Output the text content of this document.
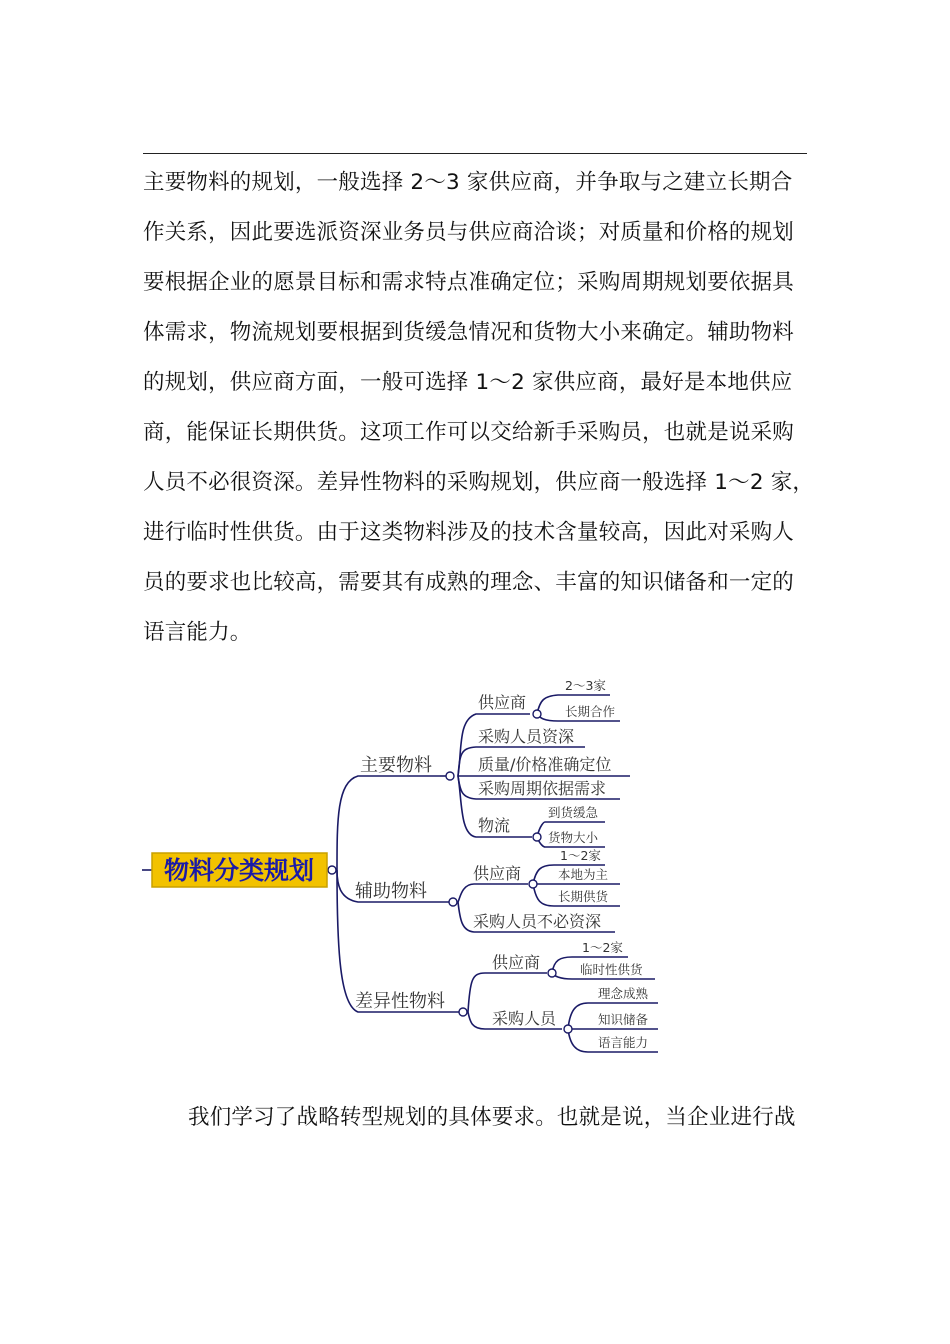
主要物料的规划，一般选择 2～3 家供应商，并争取与之建立长期合
作关系，因此要选派资深业务员与供应商洽谈；对质量和价格的规划
要根据企业的愿景目标和需求特点准确定位；采购周期规划要依据具
体需求，物流规划要根据到货缓急情况和货物大小来确定。辅助物料
的规划，供应商方面，一般可选择 1～2 家供应商，最好是本地供应
商，能保证长期供货。这项工作可以交给新手采购员，也就是说采购
人员不必很资深。差异性物料的采购规划，供应商一般选择 1～2 家，
进行临时性供货。由于这类物料涉及的技术含量较高，因此对采购人
员的要求也比较高，需要其有成熟的理念、丰富的知识储备和一定的
语言能力。
物料分类规划
主要物料
辅助物料
差异性物料
供应商
2～3家
长期合作
采购人员资深
质量/价格准确定位
采购周期依据需求
物流
到货缓急
货物大小
供应商
1～2家
本地为主
长期供货
采购人员不必资深
供应商
1～2家
临时性供货
采购人员
理念成熟
知识储备
语言能力
我们学习了战略转型规划的具体要求。也就是说，当企业进行战
